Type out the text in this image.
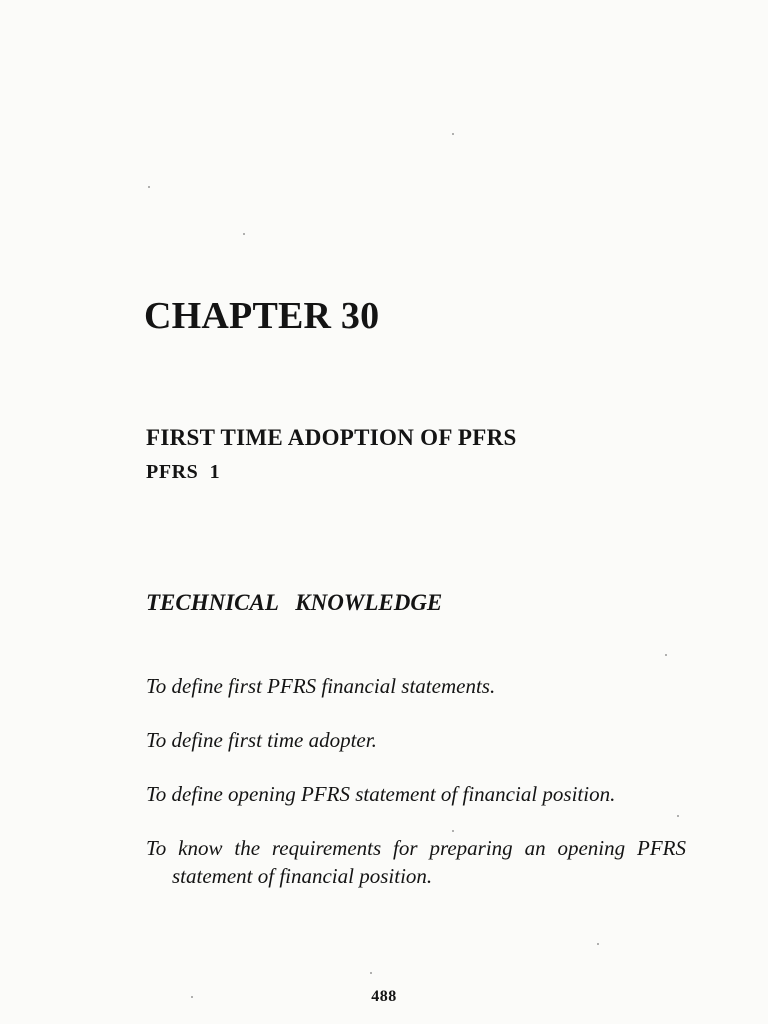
CHAPTER 30
FIRST TIME ADOPTION OF PFRS
PFRS  1
TECHNICAL   KNOWLEDGE
To define first PFRS financial statements.
To define first time adopter.
To define opening PFRS statement of financial position.
To know the requirements for preparing an opening PFRS statement of financial position.
488
